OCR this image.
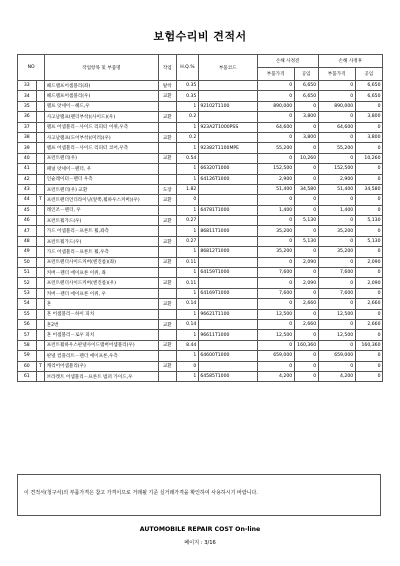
보험수리비 견적서
NO		작업항목 및 부품명	작업	H.Q.%	부품코드	손해 사정전		손해 사정후	
						부품가격	공임	부품가격	공임
33		헤드램프어셈블리(좌)	탈착	0.35		0	6,650	0	6,650
34		헤드램프어셈블리(우)	교환	0.35		0	6,650	0	6,650
35		램프 앗세이－헤드,우		1	92102T1100	890,000	0	890,000	0
36		사고날램프(펜더부착)(사이드)(우)	교환	0.2		0	3,800	0	3,800
37		램프 어셈블리－사이드 리피터 이퀴,우측		1	923A2T1000PSS	64,600	0	64,600	0
38		사고날램프(도어부착)(미러)(우)	교환	0.2		0	3,800	0	3,800
39		램프 어셈블리－사이드 리피터 코어,우측		1	92382T1100MPE	55,200	0	55,200	0
40		프런트펜더(우)	교환	0.54		0	10,260	0	10,260
41		패널 앗세이－펜더, 우		1	66320T1000	152,500	0	152,500	0
42		인슐레이터－펜더 우측		1	64126T1000	2,900	0	2,900	0
43		프런트펜더(우) 교환	도장	1.82		51,400	34,580	51,400	34,580
44	T	프런트펜더언더라이닝(앞쪽,휠하우스커버)(우)	교환	0		0	0	0	0
45		레인조－펜더, 우		1	64781T1000	1,400	0	1,400	0
46		프런트휠가드(우)	교환	0.27		0	5,130	0	5,130
47		가드 어셈블리－프론트 휠,좌측		1	86811T1000	35,200	0	35,200	0
48		프런트휠가드(우)	교환	0.27		0	5,130	0	5,130
49		가드 어셈블리－프론트 휠,우측		1	86812T1000	35,200	0	35,200	0
50		프런트펜더사이드커버(엔진룸)(좌)	교환	0.11		0	2,090	0	2,090
51		커버－펜더 에이프론 이퀴, 좌		1	64159T1000	7,600	0	7,600	0
52		프런트펜더사이드커버(엔진룸)(우)	교환	0.11		0	2,090	0	2,090
53		커버－펜더 에이프론 이퀴, 우		1	64169T1000	7,600	0	7,600	0
54		혼	교환	0.14		0	2,660	0	2,660
55		혼 어셈블리－하이 피치		1	96621T1100	12,500	0	12,500	0
56		혼2번	교환	0.14		0	2,660	0	2,660
57		혼 어셈블리－로우 피치		1	96611T1000	12,500	0	12,500	0
58		프런트휠하우스판넬사이드멤버어셈블리(우)	교환	8.44		0	160,360	0	160,360
59		판넬 컴플리트－펜더 에이프론,우측		1	64600T1000	659,000	0	659,000	0
60	T	캐리어어셈블리(우)	교환	0		0	0	0	0
61		브라켓트 어셈블리－프론트 범퍼 가이드,우		1	64585T1000	4,200	0	4,200	0
이 견적서(청구서)의 부품가격은 참고 가격이므로 거래될 기준 실거래가격을 확인하여 사용하시기 바랍니다.
AUTOMOBILE REPAIR COST On-line
페이지 : 3/16
